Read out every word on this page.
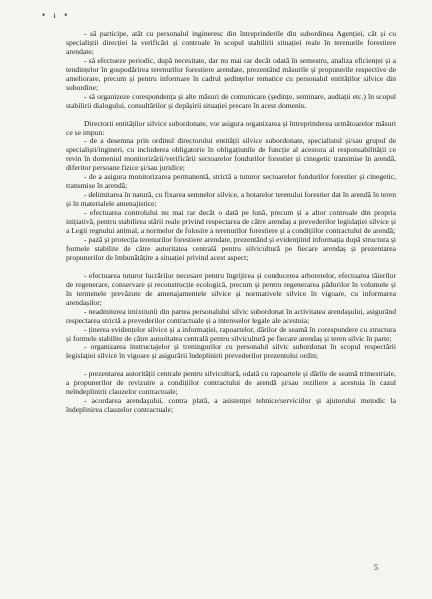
• ı •

- să participe, atât cu personalul ingineresc din întreprinderile din subordinea Agenției, cât și cu specialiștii direcției la verificări și controale în scopul stabilirii situației reale în terenurile forestiere arendate;

- să efectueze periodic, după necesitate, dar nu mai rar decât odată în semestru, analiza eficienței și a tendințelor în gospodărirea terenurilor forestiere arendate, prezentând măsurile și propunerile respective de ameliorare, precum și pentru informare în cadrul ședințelor tematice cu personalul entităților silvice din subordine;

- să organizeze corespondența și alte măsuri de comunicare (ședințe, seminare, audiații etc.) în scopul stabilirii dialogului, consultărilor și depășirii situației precare în acest domeniu.

Directorii entităților silvice subordonate, vor asigura organizarea și întreprinderea următoarelor măsuri ce se impun:

- de a desemna prin ordinul directorului entității silvice subordonate, specialistul și/sau grupul de specialiști/ingineri, cu includerea obligatorie în obligațiunile de funcție al acestora al responsabilității ce revin în domeniul monitorizării/verificării sectoarelor fondurilor forestier și cinegetic transmise în arendă, diferitor persoane fizice și/sau juridice;

- de a asigura monitorizarea permanentă, strictă a tuturor sectoarelor fondurilor forestier și cinegetic, transmise în arendă;

- delimitarea în natură, cu fixarea semnelor silvice, a hotarelor terenului forestier dat în arendă în teren și în materialele amenajistice;

- efectuarea controlului nu mai rar decât o dată pe lună, precum și a altor controale din propria inițiativă, pentru stabilirea stării reale privind respectarea de către arendaș a prevederilor legislației silvice și a Legii regnului animal, a normelor de folosire a terenurilor forestiere și a condițiilor contractului de arendă;

- pază și protecția terenurilor forestiere arendate, prezentând și evidențiind informația după structura și formele stabilite de către autoritatea centrală pentru silvicultură pe fiecare arendaș și prezentarea propunerilor de îmbunătățire a situației privind acest aspect;

- efectuarea tuturor lucrărilor necesare pentru îngrijirea și conducerea arboretelor, efectuarea tăierilor de regenerare, conservare și reconstrucție ecologică, precum și pentru regenerarea pădurilor în volumele și în termenele prevăzute de amenajamentele silvice și normativele silvice în vigoare, cu informarea arendașilor;

- neadmiterea imixtiunii din partea personalului silvic subordonat în activitatea arendașului, asigurând respectarea strictă a prevederilor contractuale și a intereselor legale ale acestuia;

- ținerea evidențelor silvice și a informației, rapoartelor, dărilor de seamă în corespundere cu structura și formele stabilite de către autoritatea centrală pentru silvicultură pe fiecare arendaș și teren silvic în parte;

- organizarea instructajelor și treningurilor cu personalul silvic subordonat în scopul respectării legislației silvice în vigoare și asigurării îndeplinirii prevederilor prezentului ordin;

- prezentarea autorității centrale pentru silvicultură, odată cu rapoartele și dările de seamă trimestriale, a propunerilor de revizuire a condițiilor contractului de arendă și/sau reziliere a acestuia în cazul neîndeplinirii clauzelor contractuale;

- acordarea arendașului, contra plată, a asistenței tehnice/serviciilor și ajutorului metodic la îndeplinirea clauzelor contractuale;

5
